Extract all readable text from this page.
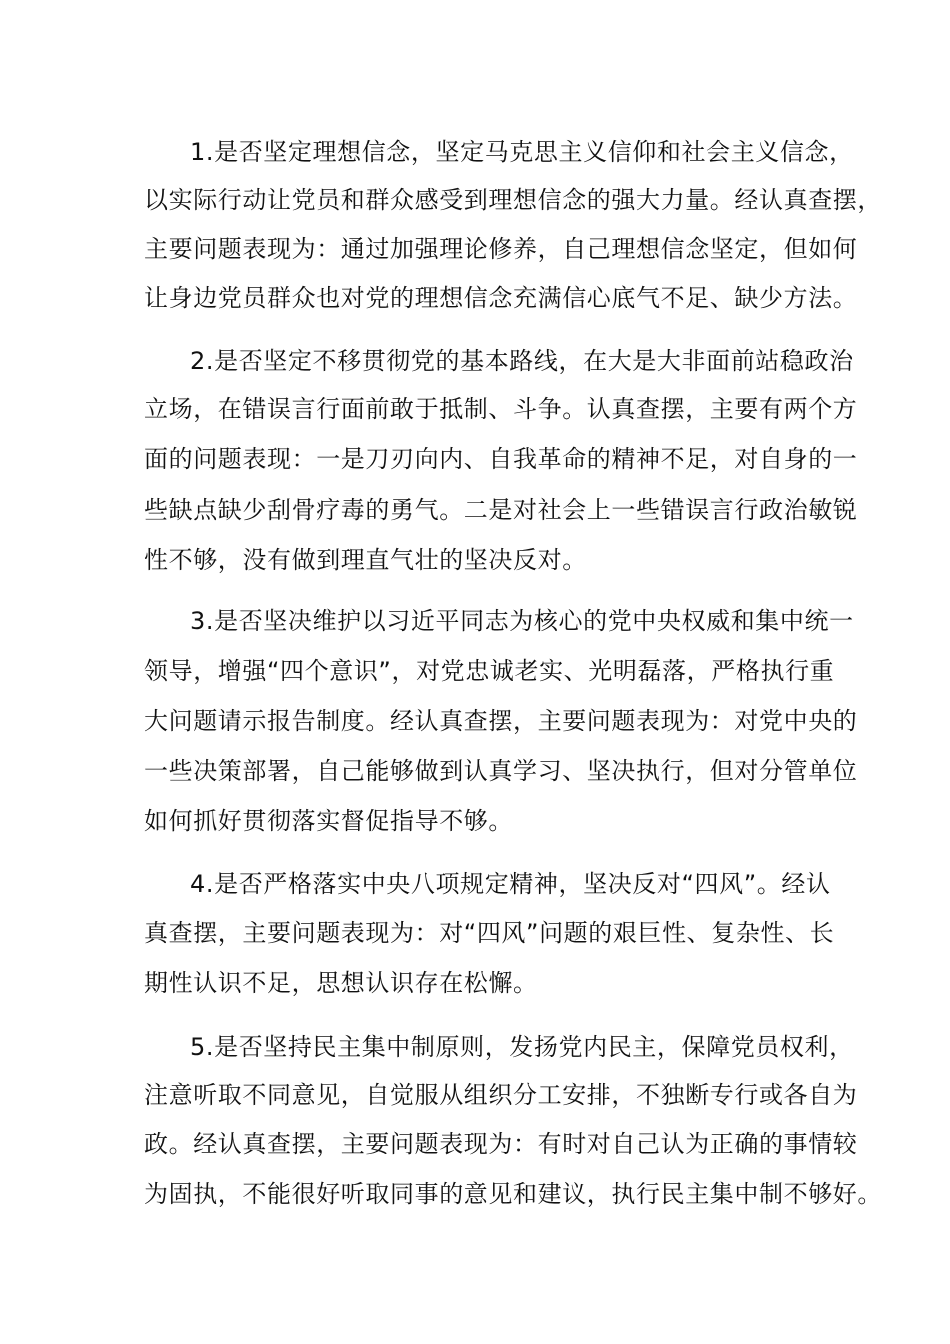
1.是否坚定理想信念，坚定马克思主义信仰和社会主义信念，
以实际行动让党员和群众感受到理想信念的强大力量。经认真查摆，
主要问题表现为：通过加强理论修养，自己理想信念坚定，但如何
让身边党员群众也对党的理想信念充满信心底气不足、缺少方法。
2.是否坚定不移贯彻党的基本路线，在大是大非面前站稳政治
立场，在错误言行面前敢于抵制、斗争。认真查摆，主要有两个方
面的问题表现：一是刀刃向内、自我革命的精神不足，对自身的一
些缺点缺少刮骨疗毒的勇气。二是对社会上一些错误言行政治敏锐
性不够，没有做到理直气壮的坚决反对。
3.是否坚决维护以习近平同志为核心的党中央权威和集中统一
领导，增强“四个意识”，对党忠诚老实、光明磊落，严格执行重
大问题请示报告制度。经认真查摆，主要问题表现为：对党中央的
一些决策部署，自己能够做到认真学习、坚决执行，但对分管单位
如何抓好贯彻落实督促指导不够。
4.是否严格落实中央八项规定精神，坚决反对“四风”。经认
真查摆，主要问题表现为：对“四风”问题的艰巨性、复杂性、长
期性认识不足，思想认识存在松懈。
5.是否坚持民主集中制原则，发扬党内民主，保障党员权利，
注意听取不同意见，自觉服从组织分工安排，不独断专行或各自为
政。经认真查摆，主要问题表现为：有时对自己认为正确的事情较
为固执，不能很好听取同事的意见和建议，执行民主集中制不够好。
